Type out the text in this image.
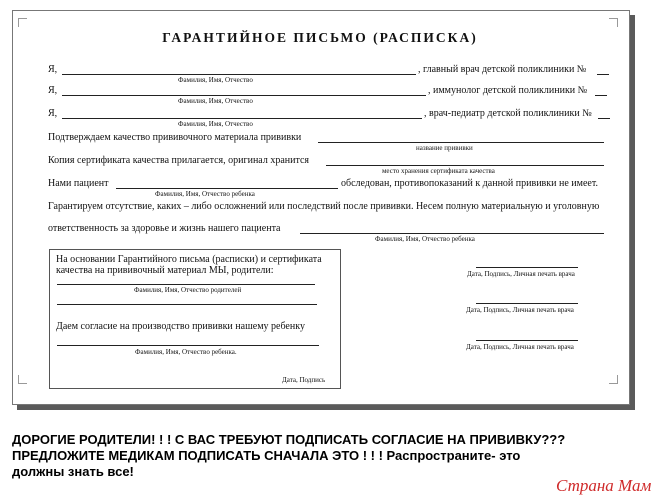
ГАРАНТИЙНОЕ ПИСЬМО (РАСПИСКА)
Я,	, главный врач детской поликлиники №
Фамилия, Имя, Отчество
Я,	, иммунолог детской поликлиники №
Фамилия, Имя, Отчество
Я,	, врач-педиатр детской поликлиники №
Фамилия, Имя, Отчество
Подтверждаем качество прививочного материала прививки
название прививки
Копия сертификата качества прилагается, оригинал хранится
место хранения сертификата качества
Нами пациент	обследован, противопоказаний к данной прививки не имеет.
Фамилия, Имя, Отчество ребенка
Гарантируем отсутствие, каких – либо осложнений или последствий после прививки. Несем полную материальную и уголовную
ответственность за здоровье и жизнь нашего пациента
Фамилия, Имя, Отчество ребенка
На основании Гарантийного письма (расписки) и сертификата
качества на прививочный материал МЫ, родители:
Фамилия, Имя, Отчество родителей
Даем согласие на производство прививки нашему ребенку
Фамилия, Имя, Отчество ребенка.
Дата, Подпись
Дата, Подпись, Личная печать врача
Дата, Подпись, Личная печать врача
Дата, Подпись, Личная печать врача
ДОРОГИЕ РОДИТЕЛИ! ! ! С ВАС ТРЕБУЮТ ПОДПИСАТЬ СОГЛАСИЕ НА ПРИВИВКУ???
ПРЕДЛОЖИТЕ МЕДИКАМ ПОДПИСАТЬ СНАЧАЛА ЭТО ! ! ! Распространите- это
должны знать все!
Страна Мам
